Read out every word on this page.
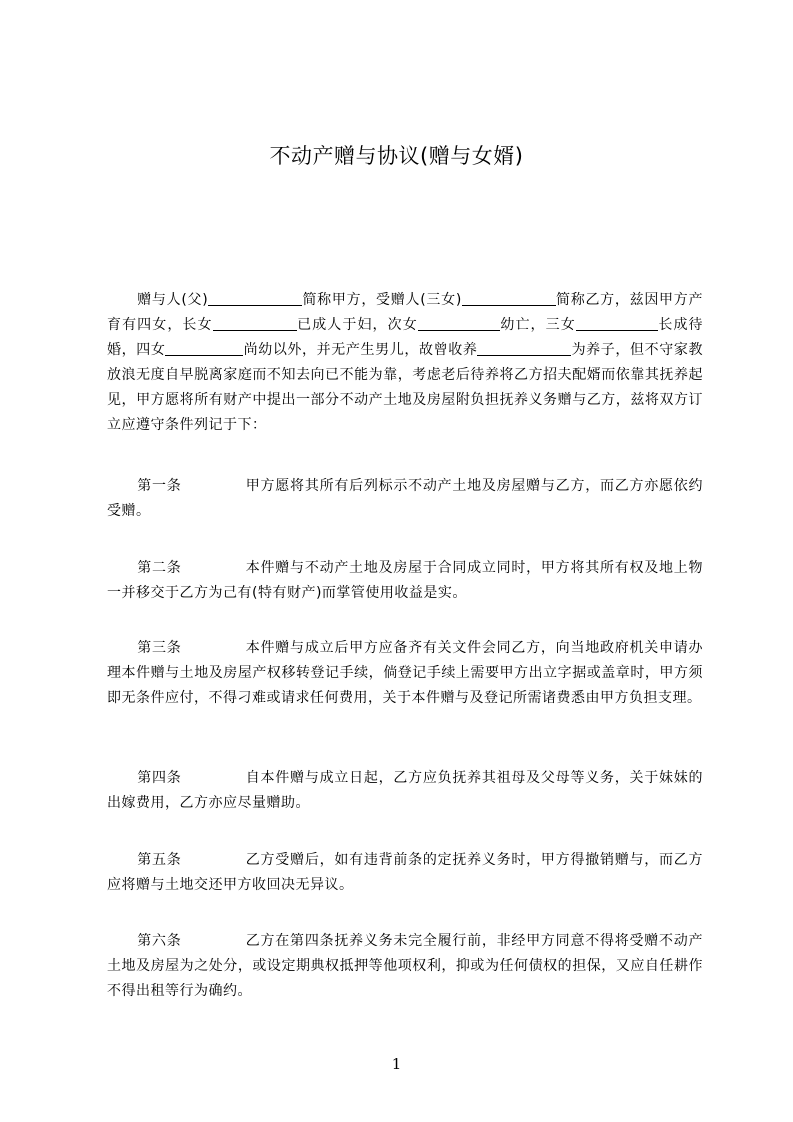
不动产赠与协议(赠与女婿)
赠与人(父)	简称甲方，受赠人(三女)	简称乙方，兹因甲方产育有四女，长女	已成人于妇，次女	幼亡，三女	长成待婚，四女	尚幼以外，并无产生男儿，故曾收养	为养子，但不守家教放浪无度自早脱离家庭而不知去向已不能为靠，考虑老后待养将乙方招夫配婿而依靠其抚养起见，甲方愿将所有财产中提出一部分不动产土地及房屋附负担抚养义务赠与乙方，兹将双方订立应遵守条件列记于下：
第一条	甲方愿将其所有后列标示不动产土地及房屋赠与乙方，而乙方亦愿依约受赠。
第二条	本件赠与不动产土地及房屋于合同成立同时，甲方将其所有权及地上物一并移交于乙方为己有(特有财产)而掌管使用收益是实。
第三条	本件赠与成立后甲方应备齐有关文件会同乙方，向当地政府机关申请办理本件赠与土地及房屋产权移转登记手续，倘登记手续上需要甲方出立字据或盖章时，甲方须即无条件应付，不得刁难或请求任何费用，关于本件赠与及登记所需诸费悉由甲方负担支理。
第四条	自本件赠与成立日起，乙方应负抚养其祖母及父母等义务，关于妹妹的出嫁费用，乙方亦应尽量赠助。
第五条	乙方受赠后，如有违背前条的定抚养义务时，甲方得撤销赠与，而乙方应将赠与土地交还甲方收回决无异议。
第六条	乙方在第四条抚养义务未完全履行前，非经甲方同意不得将受赠不动产土地及房屋为之处分，或设定期典权抵押等他项权利，抑或为任何债权的担保，又应自任耕作不得出租等行为确约。
1
